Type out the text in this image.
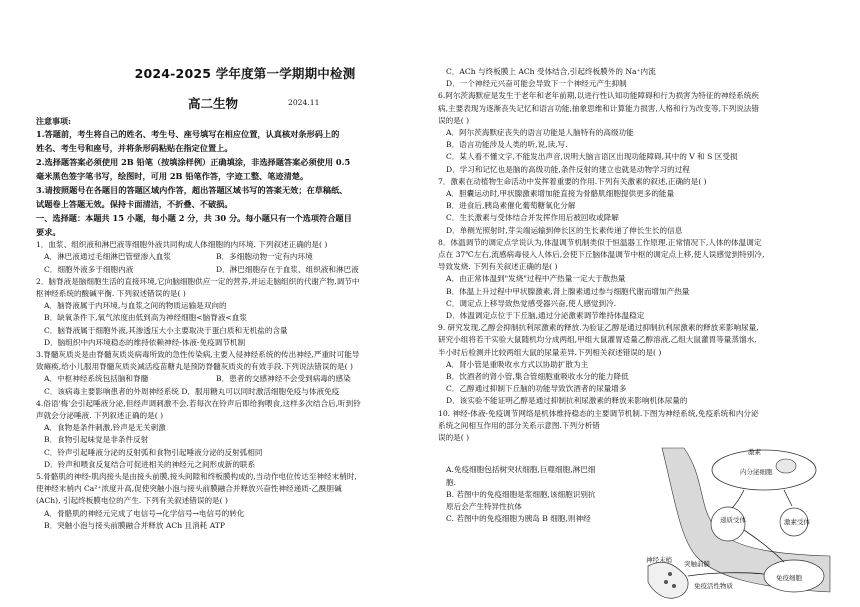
2024-2025 学年度第一学期期中检测
高二生物	2024.11
注意事项:
1.答题前，考生将自己的姓名、考生号、座号填写在相应位置，认真核对条形码上的
姓名、考生号和座号，并将条形码粘贴在指定位置上。
2.选择题答案必须使用 2B 铅笔（按填涂样例）正确填涂，非选择题答案必须使用 0.5
毫米黑色签字笔书写，绘图时，可用 2B 铅笔作答，字迹工整、笔迹清楚。
3.请按照题号在各题目的答题区域内作答，超出答题区域书写的答案无效；在草稿纸、
试题卷上答题无效。保持卡面清洁，不折叠、不破损。
一、选择题：本题共 15 小题，每小题 2 分，共 30 分。每小题只有一个选项符合题目
要求。
1．血浆、组织液和淋巴液等细胞外液共同构成人体细胞的内环境. 下列叙述正确的是( )
A．淋巴液通过毛细淋巴管壁渗入血浆	B．多细胞动物一定有内环境
C．细胞外液多于细胞内液	D．淋巴细胞存在于血浆、组织液和淋巴液
2．脑脊液是脑细胞生活的直接环境,它向脑细胞供应一定的营养,并运走脑组织的代谢产物,调节中
枢神经系统的酸碱平衡. 下列叙述错误的是( )
A．脑脊液属于内环境,与血浆之间的物质运输是双向的
B．缺氧条件下,氧气浓度由低到高为神经细胞<脑脊液<血浆
C．脑脊液属于细胞外液,其渗透压大小主要取决于蛋白质和无机盐的含量
D．脑组织中内环境稳态的维持依赖神经-体液-免疫调节机制
3.脊髓灰质炎是由脊髓灰质炎病毒所致的急性传染病,主要入侵神经系统的传出神经,严重时可能导
致瘫痪,给小儿服用脊髓灰质炎减活疫苗糖丸是预防脊髓灰质炎的有效手段.下列说法错误的是( )
A．中枢神经系统包括脑和脊髓	B．患者的交感神经不会受到病毒的感染
C．该病毒主要影响患者的外周神经系统 D．服用糖丸可以同时激活细胞免疫与体液免疫
4.俗语'梅'会引起唾液分泌,但经声调刺激不会.若每次在铃声后即给狗喂食,这样多次结合后,听到铃
声就会分泌唾液. 下列叙述正确的是( )
A．食物是条件刺激,铃声是无关刺激
B．食物引起味觉是非条件反射
C．铃声引起唾液分泌的反射弧和食物引起唾液分泌的反射弧相同
D．铃声和喂食反复结合可促进相关的神经元之间形成新的联系
5.骨骼肌的神经-肌肉接头是由接头前膜,接头间隙和终板膜构成的,当动作电位传达至神经末梢时,
使神经末梢内 Ca²⁺浓度升高,促使突触小泡与接头前膜融合并释放兴奋性神经递质-乙酰胆碱
(ACh), 引起终板膜电位的产生. 下列有关叙述错误的是( )
A．骨骼肌的神经元完成了电信号→化学信号→电信号的转化
B．突触小泡与接头前膜融合并释放 ACh 且消耗 ATP
C．ACh 与终板膜上 ACh 受体结合,引起终板膜外的 Na⁺内流
D．一个神经元兴奋可能会导致下一个神经元产生抑制
6.阿尔茨海默症是发生于老年和老年前期,以进行性认知功能障碍和行为损害为特征的神经系统疾
病,主要表现为逐渐丧失记忆和语言功能,抽象思维和计算能力损害,人格和行为改变等,下列说法错
误的是( )
A．阿尔茨海默症丧失的语言功能是人脑特有的高级功能
B．语言功能涉及人类的听,说,读,写.
C．某人看不懂文字,不能发出声音,说明大脑言语区出现功能障碍,其中的 V 和 S 区受损
D．学习和记忆也是脑的高级功能,条件反射的建立也就是动物学习的过程
7．激素在动植物生命活动中发挥着重要的作用.下列有关激素的叙述,正确的是( )
A．胆囊运动时,甲状腺激素增加能直接为骨骼肌细胞提供更多的能量
B．进食后,胰岛素催化葡萄糖氧化分解
C．生长激素与受体结合并发挥作用后被回收或降解
D．单侧光照射时,芽尖端运输到伸长区的生长素传递了伸长生长的信息
8．体温调节的调定点学说认为,体温调节机制类似于恒温器工作原理.正常情况下,人体的体温调定
点在 37℃左右,流感病毒侵入人体后,会使下丘脑体温调节中枢的调定点上移,使人误感觉到特别冷,
导致发烧. 下列有关叙述正确的是( )
A．由正常体温到"发烧"过程中产热量一定大于散热量
B．体温上升过程中甲状腺激素,肾上腺素通过参与细胞代谢而增加产热量
C．调定点上移导致热觉感受器兴奋,使人感觉到冷.
D．体温调定点位于下丘脑,通过分泌激素调节维持体温稳定
9. 研究发现,乙醇会抑制抗利尿激素的释放.为验证乙醇是通过抑制抗利尿激素的释放来影响尿量,
研究小组将若干实验大鼠随机均分成两组,甲组大鼠灌胃适量乙醇溶液,乙组大鼠灌胃等量蒸馏水,
半小时后检测并比较两组大鼠的尿量差异.下列相关叙述错误的是( )
A．肾小管是重吸收水方式以协助扩散为主
B．饮酒者的肾小管,集合管细胞重吸收水分的能力降低
C．乙醇通过抑制下丘脑的功能导致饮酒者的尿量增多
D．该实验不能证明乙醇是通过抑制抗利尿激素的释放来影响机体尿量的
10. 神经-体液-免疫调节网络是机体维持稳态的主要调节机制.下图为神经系统,免疫系统和内分泌
系统之间相互作用的部分关系示意图.下列分析错
误的是( )
A.免疫细胞包括树突状细胞,巨噬细胞,淋巴细
胞.
B. 若图中的免疫细胞是浆细胞,该细胞识别抗
原后会产生特异性抗体
C. 若图中的免疫细胞为胰岛 B 细胞,则神经
激素
内分泌细胞
递质受体	激素受体
神经末梢 突触前膜
免疫活性物质
免疫细胞
